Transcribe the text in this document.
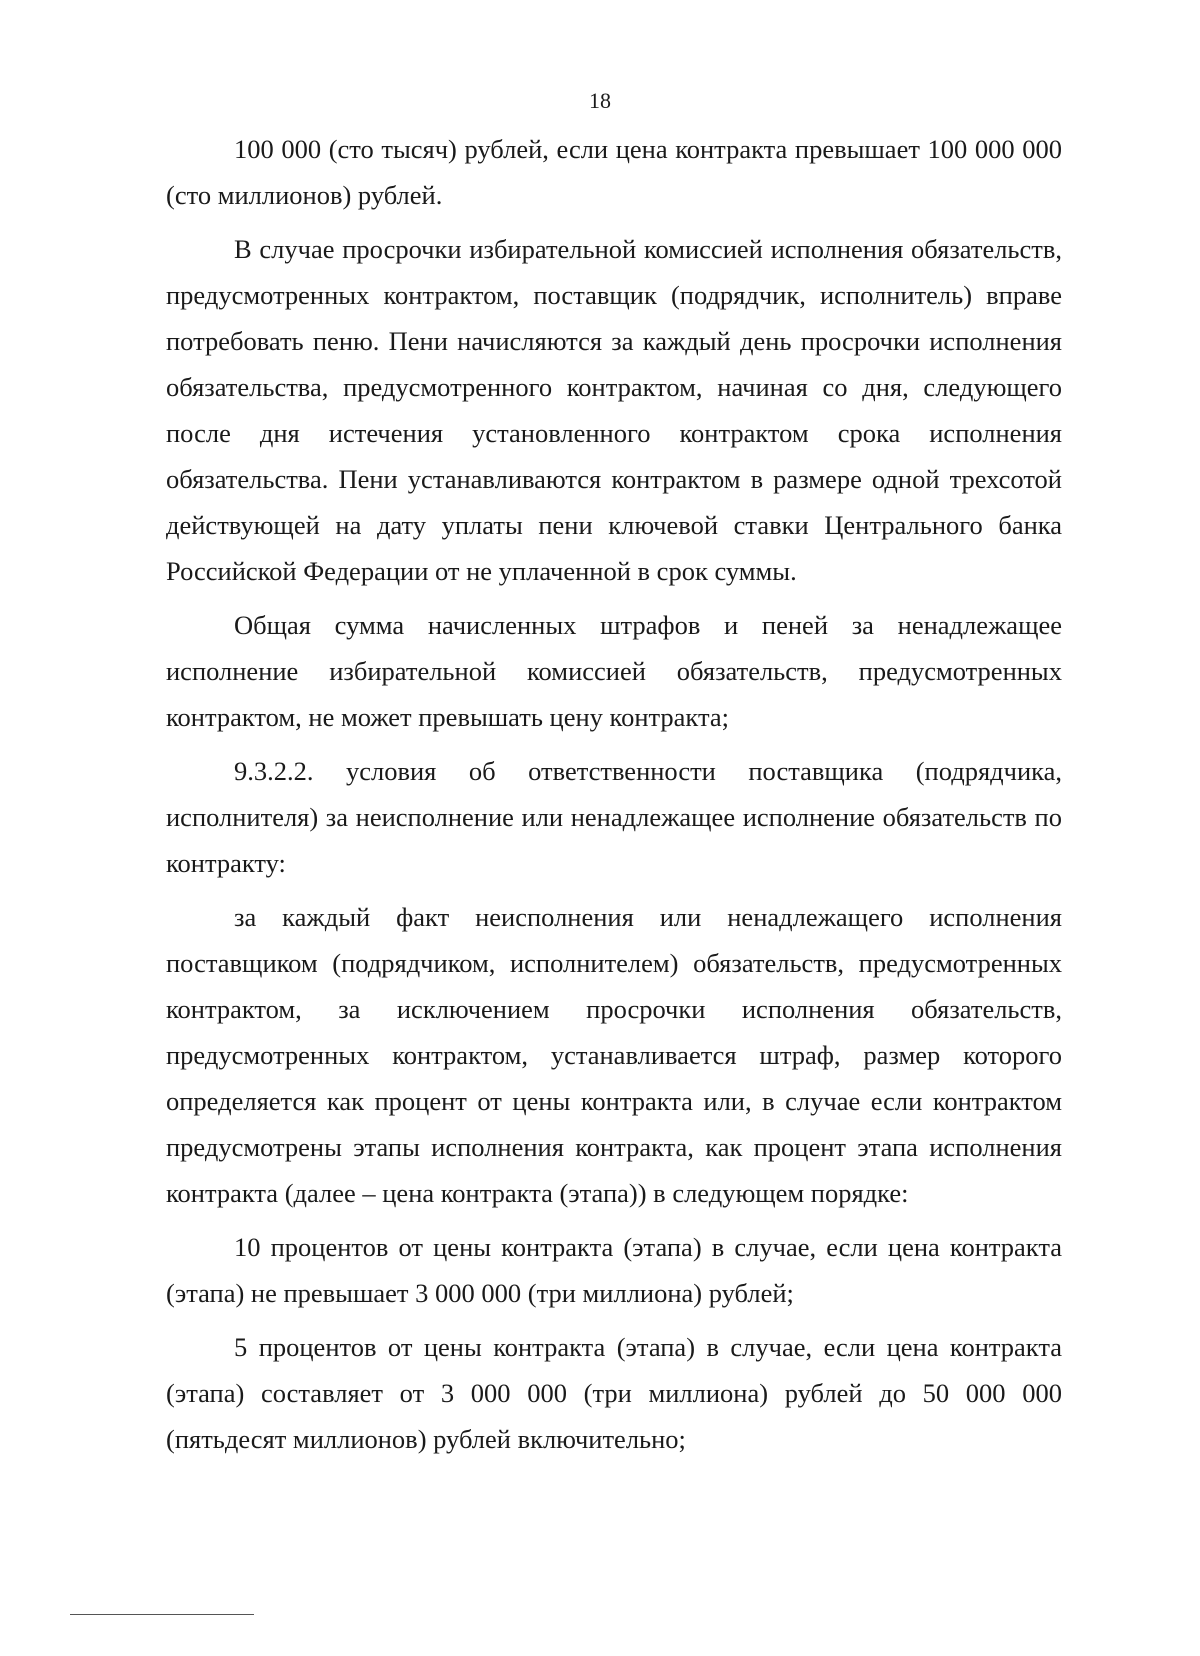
18

100 000 (сто тысяч) рублей, если цена контракта превышает 100 000 000 (сто миллионов) рублей.

В случае просрочки избирательной комиссией исполнения обязательств, предусмотренных контрактом, поставщик (подрядчик, исполнитель) вправе потребовать пеню. Пени начисляются за каждый день просрочки исполнения обязательства, предусмотренного контрактом, начиная со дня, следующего после дня истечения установленного контрактом срока исполнения обязательства. Пени устанавливаются контрактом в размере одной трехсотой действующей на дату уплаты пени ключевой ставки Центрального банка Российской Федерации от не уплаченной в срок суммы.

Общая сумма начисленных штрафов и пеней за ненадлежащее исполнение избирательной комиссией обязательств, предусмотренных контрактом, не может превышать цену контракта;

9.3.2.2. условия об ответственности поставщика (подрядчика, исполнителя) за неисполнение или ненадлежащее исполнение обязательств по контракту:

за каждый факт неисполнения или ненадлежащего исполнения поставщиком (подрядчиком, исполнителем) обязательств, предусмотренных контрактом, за исключением просрочки исполнения обязательств, предусмотренных контрактом, устанавливается штраф, размер которого определяется как процент от цены контракта или, в случае если контрактом предусмотрены этапы исполнения контракта, как процент этапа исполнения контракта (далее – цена контракта (этапа)) в следующем порядке:

10 процентов от цены контракта (этапа) в случае, если цена контракта (этапа) не превышает 3 000 000 (три миллиона) рублей;

5 процентов от цены контракта (этапа) в случае, если цена контракта (этапа) составляет от 3 000 000 (три миллиона) рублей до 50 000 000 (пятьдесят миллионов) рублей включительно;
